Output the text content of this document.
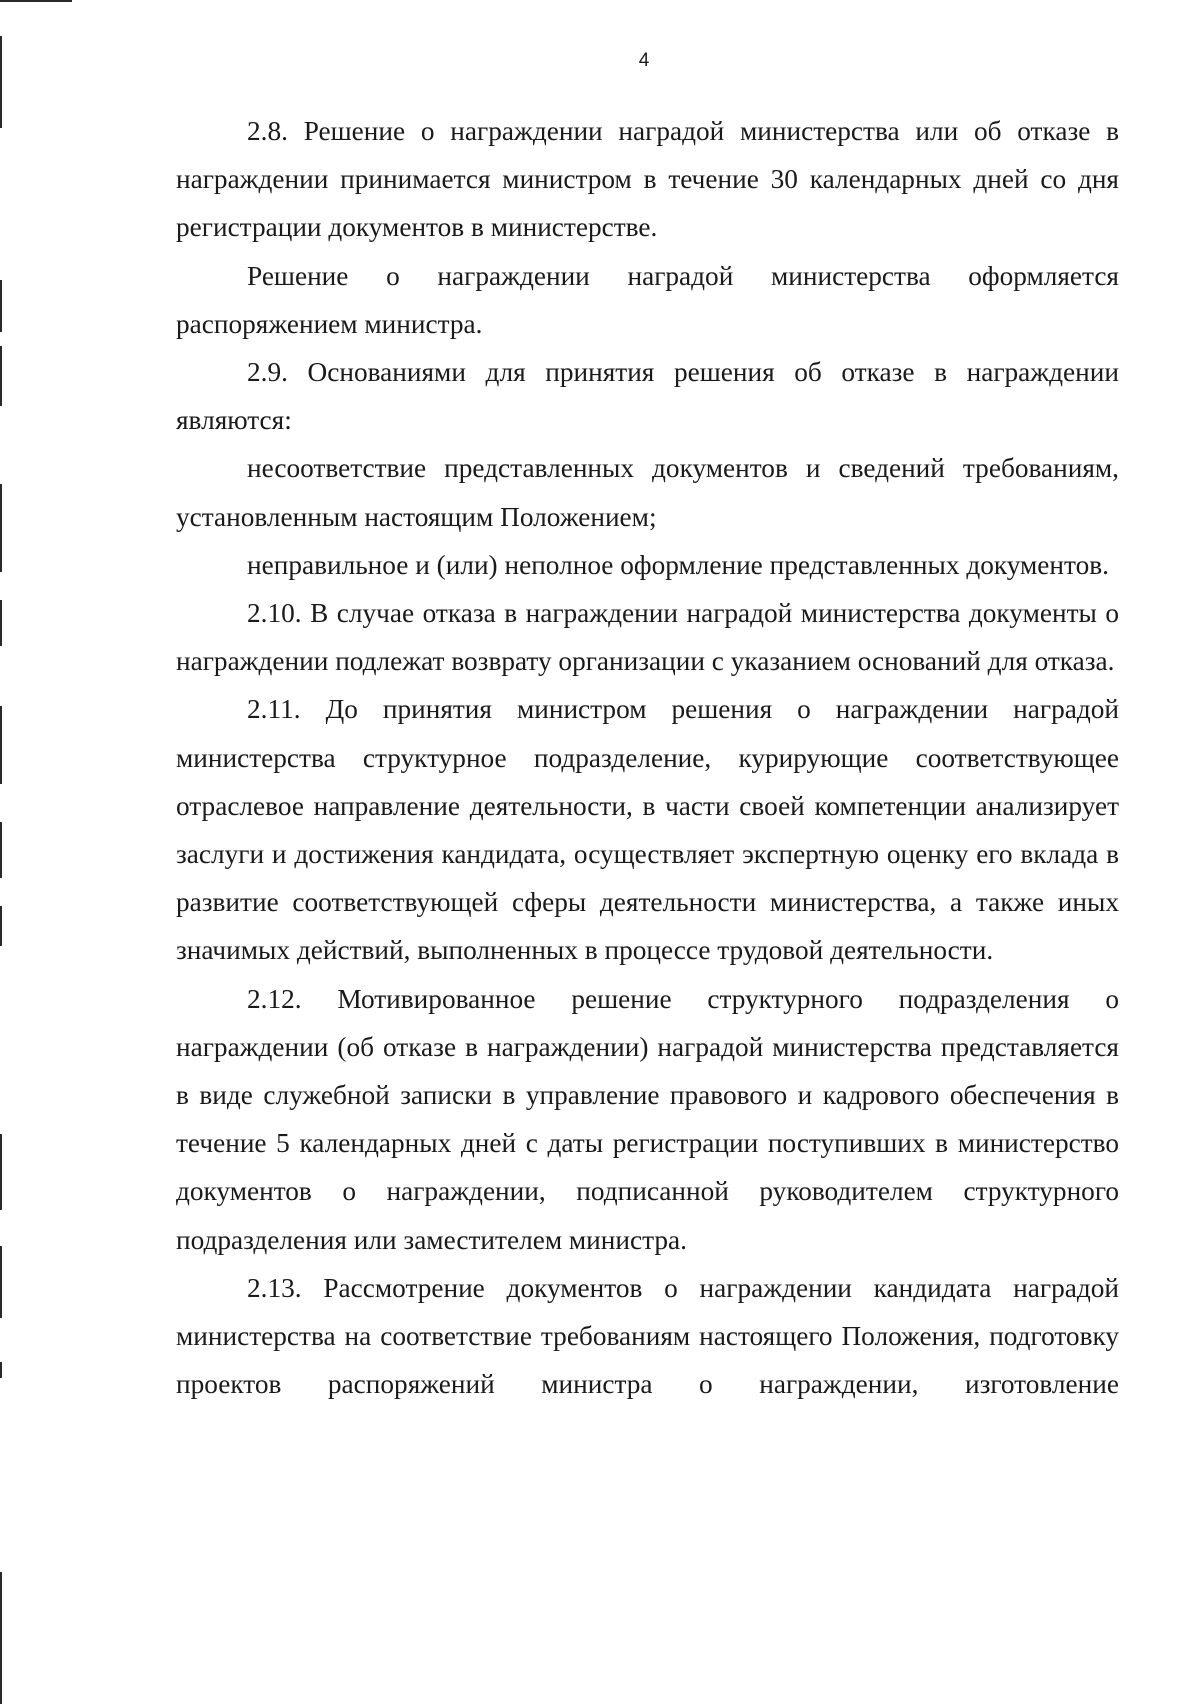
4

2.8. Решение о награждении наградой министерства или об отказе в награждении принимается министром в течение 30 календарных дней со дня регистрации документов в министерстве.

Решение о награждении наградой министерства оформляется распоряжением министра.

2.9. Основаниями для принятия решения об отказе в награждении являются:

несоответствие представленных документов и сведений требованиям, установленным настоящим Положением;

неправильное и (или) неполное оформление представленных документов.

2.10. В случае отказа в награждении наградой министерства документы о награждении подлежат возврату организации с указанием оснований для отказа.

2.11. До принятия министром решения о награждении наградой министерства структурное подразделение, курирующие соответствующее отраслевое направление деятельности, в части своей компетенции анализирует заслуги и достижения кандидата, осуществляет экспертную оценку его вклада в развитие соответствующей сферы деятельности министерства, а также иных значимых действий, выполненных в процессе трудовой деятельности.

2.12. Мотивированное решение структурного подразделения о награждении (об отказе в награждении) наградой министерства представляется в виде служебной записки в управление правового и кадрового обеспечения в течение 5 календарных дней с даты регистрации поступивших в министерство документов о награждении, подписанной руководителем структурного подразделения или заместителем министра.

2.13. Рассмотрение документов о награждении кандидата наградой министерства на соответствие требованиям настоящего Положения, подготовку проектов распоряжений министра о награждении, изготовление
